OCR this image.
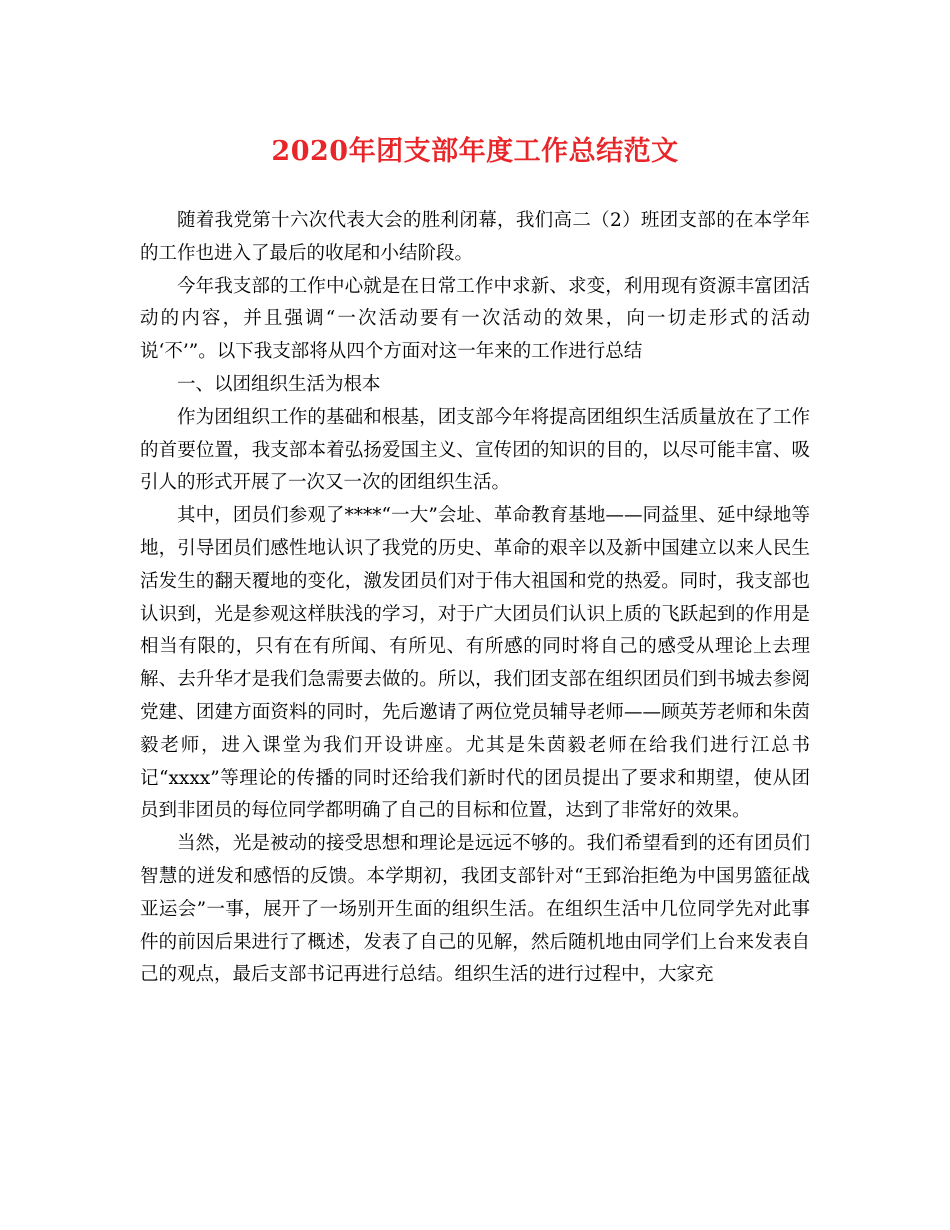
2020年团支部年度工作总结范文

随着我党第十六次代表大会的胜利闭幕，我们高二（2）班团支部的在本学年的工作也进入了最后的收尾和小结阶段。

今年我支部的工作中心就是在日常工作中求新、求变，利用现有资源丰富团活动的内容，并且强调“一次活动要有一次活动的效果，向一切走形式的活动说‘不’”。以下我支部将从四个方面对这一年来的工作进行总结

一、以团组织生活为根本

作为团组织工作的基础和根基，团支部今年将提高团组织生活质量放在了工作的首要位置，我支部本着弘扬爱国主义、宣传团的知识的目的，以尽可能丰富、吸引人的形式开展了一次又一次的团组织生活。

其中，团员们参观了****“一大”会址、革命教育基地——同益里、延中绿地等地，引导团员们感性地认识了我党的历史、革命的艰辛以及新中国建立以来人民生活发生的翻天覆地的变化，激发团员们对于伟大祖国和党的热爱。同时，我支部也认识到，光是参观这样肤浅的学习，对于广大团员们认识上质的飞跃起到的作用是相当有限的，只有在有所闻、有所见、有所感的同时将自己的感受从理论上去理解、去升华才是我们急需要去做的。所以，我们团支部在组织团员们到书城去参阅党建、团建方面资料的同时，先后邀请了两位党员辅导老师——顾英芳老师和朱茵毅老师，进入课堂为我们开设讲座。尤其是朱茵毅老师在给我们进行江总书记“xxxx”等理论的传播的同时还给我们新时代的团员提出了要求和期望，使从团员到非团员的每位同学都明确了自己的目标和位置，达到了非常好的效果。

当然，光是被动的接受思想和理论是远远不够的。我们希望看到的还有团员们智慧的迸发和感悟的反馈。本学期初，我团支部针对“王郅治拒绝为中国男篮征战亚运会”一事，展开了一场别开生面的组织生活。在组织生活中几位同学先对此事件的前因后果进行了概述，发表了自己的见解，然后随机地由同学们上台来发表自己的观点，最后支部书记再进行总结。组织生活的进行过程中，大家充
